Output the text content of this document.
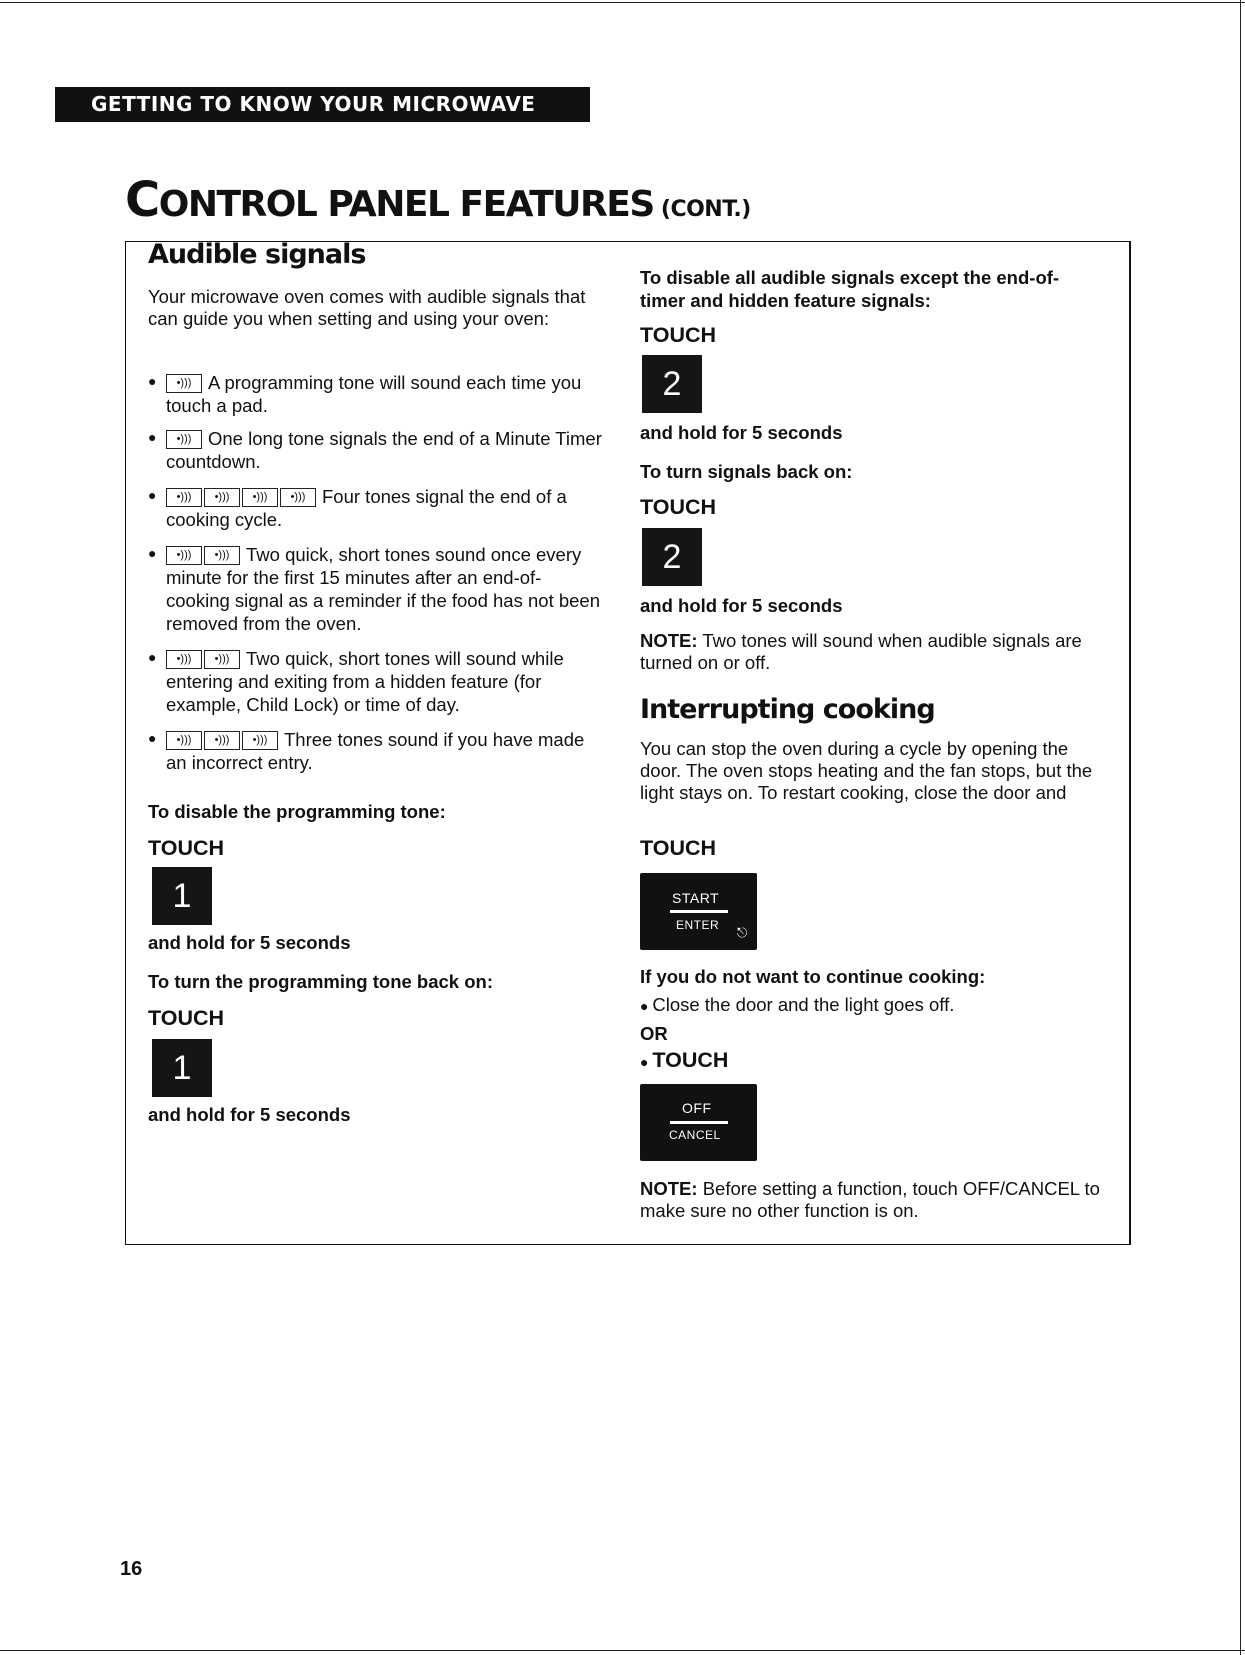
GETTING TO KNOW YOUR MICROWAVE OVEN
CONTROL PANEL FEATURES (CONT.)
Audible signals

Your microwave oven comes with audible signals that can guide you when setting and using your oven:

● •))) A programming tone will sound each time you touch a pad.
● •))) One long tone signals the end of a Minute Timer countdown.
● •))) •))) •))) •))) Four tones signal the end of a cooking cycle.
● •))) •))) Two quick, short tones sound once every minute for the first 15 minutes after an end-of-cooking signal as a reminder if the food has not been removed from the oven.
● •))) •))) Two quick, short tones will sound while entering and exiting from a hidden feature (for example, Child Lock) or time of day.
● •))) •))) •))) Three tones sound if you have made an incorrect entry.
To disable the programming tone:
TOUCH
1
and hold for 5 seconds
To turn the programming tone back on:
TOUCH
1
and hold for 5 seconds
To disable all audible signals except the end-of-timer and hidden feature signals:
TOUCH
2
and hold for 5 seconds
To turn signals back on:
TOUCH
2
and hold for 5 seconds

NOTE: Two tones will sound when audible signals are turned on or off.

Interrupting cooking

You can stop the oven during a cycle by opening the door. The oven stops heating and the fan stops, but the light stays on. To restart cooking, close the door and

TOUCH
START
ENTER ⎋
If you do not want to continue cooking:

● Close the door and the light goes off.

OR
● TOUCH
OFF
CANCEL

NOTE: Before setting a function, touch OFF/CANCEL to make sure no other function is on.

16
